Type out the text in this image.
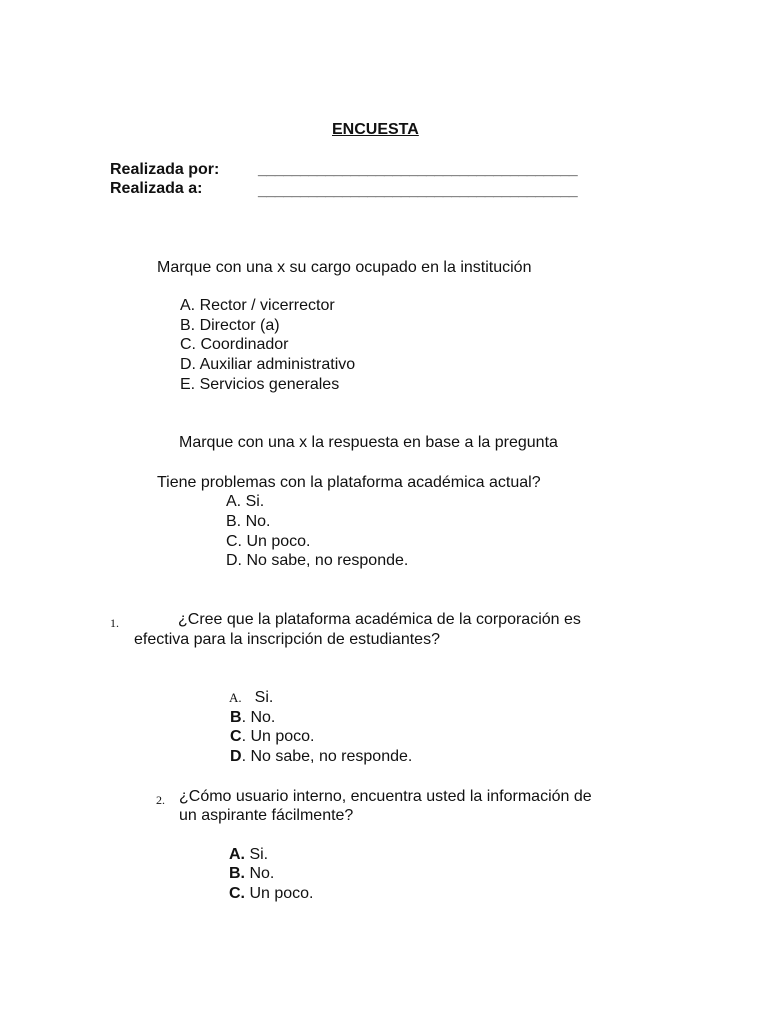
ENCUESTA
Realizada por: ______________________________________
Realizada a:	______________________________________
Marque con una x su cargo ocupado en la institución
A. Rector / vicerrector
B. Director (a)
C. Coordinador
D. Auxiliar administrativo
E. Servicios generales
Marque con una x la respuesta en base a la pregunta
Tiene problemas con la plataforma académica actual?
A. Si.
B. No.
C. Un poco.
D. No sabe, no responde.
1.	¿Cree que la plataforma académica de la corporación es
efectiva para la inscripción de estudiantes?
A. Si.
B. No.
C. Un poco.
D. No sabe, no responde.
2. ¿Cómo usuario interno, encuentra usted la información de
un aspirante fácilmente?
A. Si.
B. No.
C. Un poco.
